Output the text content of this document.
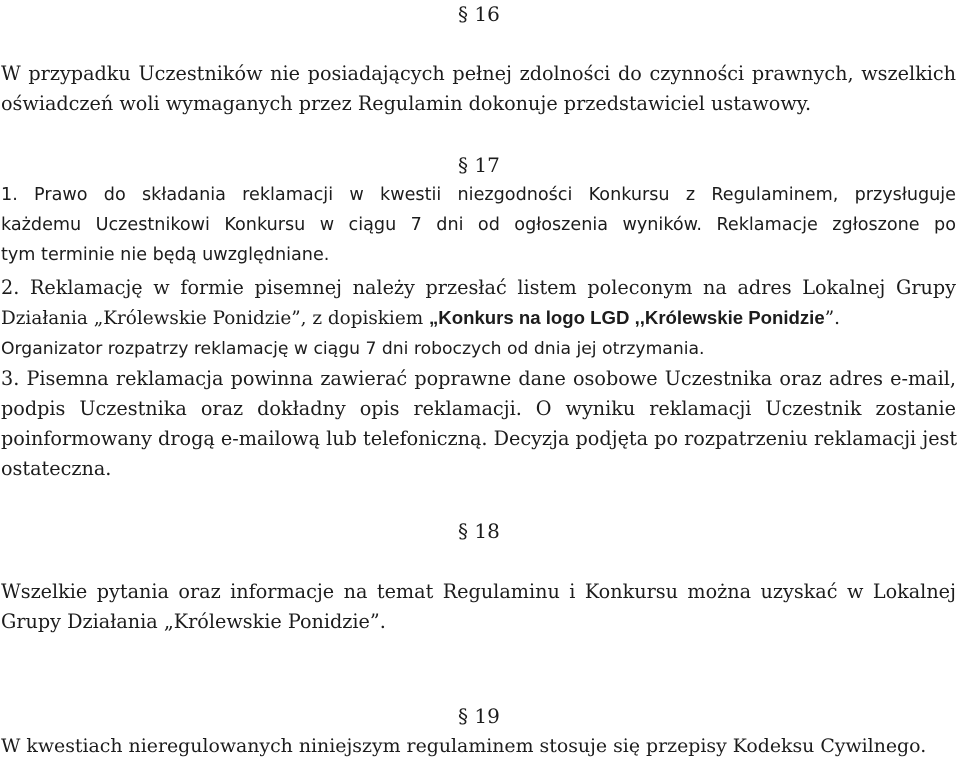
§ 16
W przypadku Uczestników nie posiadających pełnej zdolności do czynności prawnych, wszelkich
oświadczeń woli wymaganych przez Regulamin dokonuje przedstawiciel ustawowy.
§ 17
1. Prawo do składania reklamacji w kwestii niezgodności Konkursu z Regulaminem, przysługuje
każdemu Uczestnikowi Konkursu w ciągu 7 dni od ogłoszenia wyników. Reklamacje zgłoszone po
tym terminie nie będą uwzględniane.
2. Reklamację w formie pisemnej należy przesłać listem poleconym na adres Lokalnej Grupy
Działania „Królewskie Ponidzie”, z dopiskiem „Konkurs na logo LGD ,,Królewskie Ponidzie”.
Organizator rozpatrzy reklamację w ciągu 7 dni roboczych od dnia jej otrzymania.
3. Pisemna reklamacja powinna zawierać poprawne dane osobowe Uczestnika oraz adres e-mail,
podpis Uczestnika oraz dokładny opis reklamacji. O wyniku reklamacji Uczestnik zostanie
poinformowany drogą e-mailową lub telefoniczną. Decyzja podjęta po rozpatrzeniu reklamacji jest
ostateczna.
§ 18
Wszelkie pytania oraz informacje na temat Regulaminu i Konkursu można uzyskać w Lokalnej
Grupy Działania „Królewskie Ponidzie”.
§ 19
W kwestiach nieregulowanych niniejszym regulaminem stosuje się przepisy Kodeksu Cywilnego.
